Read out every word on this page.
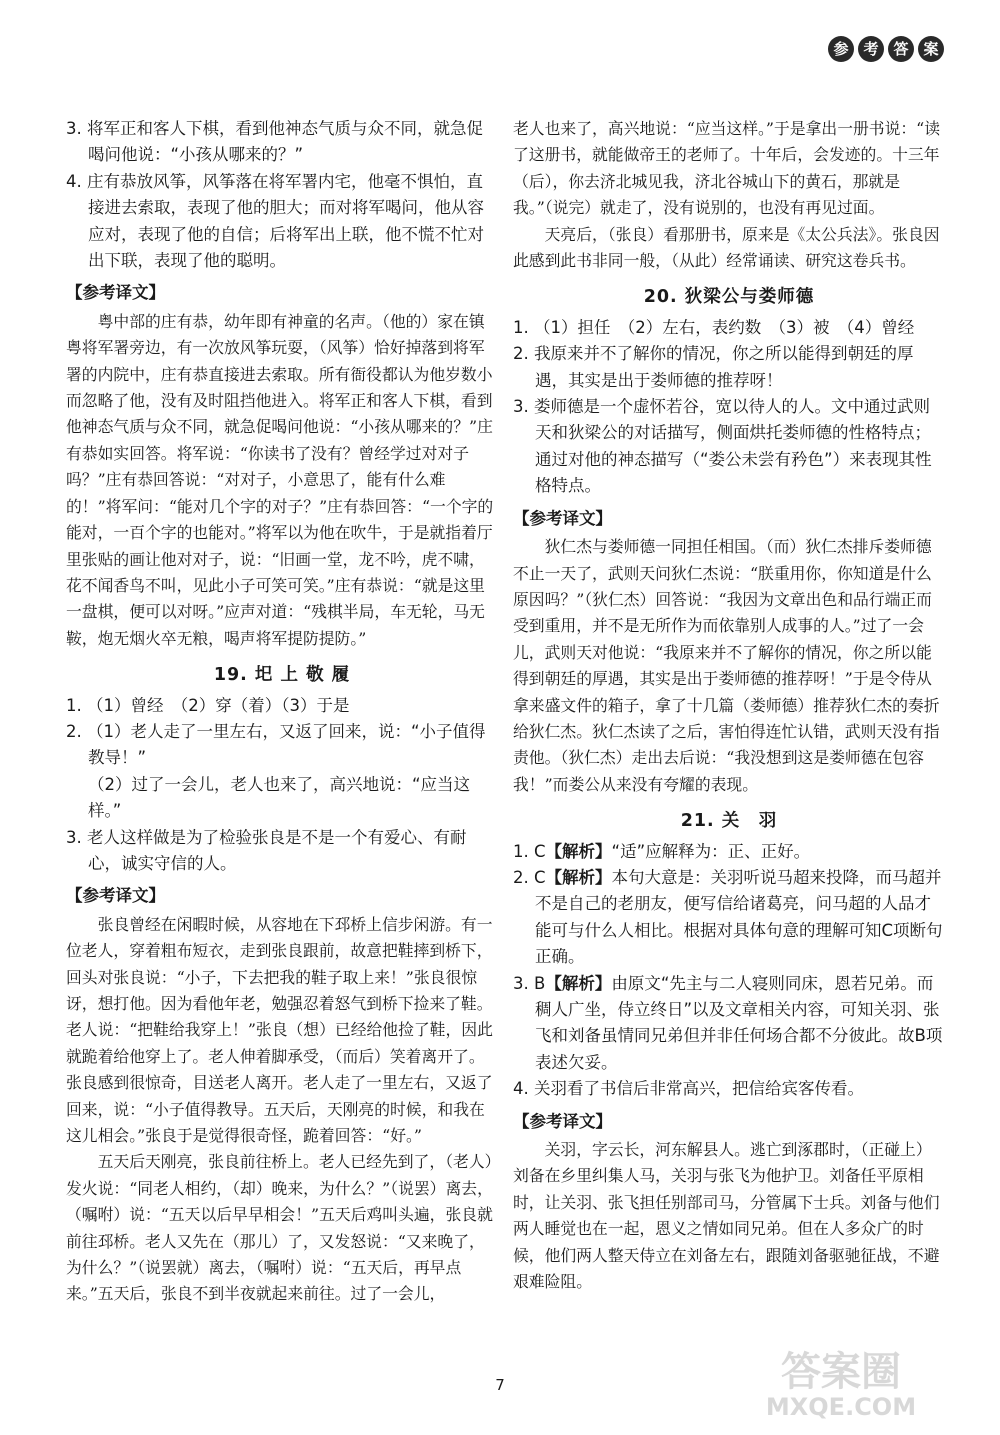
参 考 答 案

3. 将军正和客人下棋，看到他神态气质与众不同，就急促喝问他说：“小孩从哪来的？”

4. 庄有恭放风筝，风筝落在将军署内宅，他毫不惧怕，直接进去索取，表现了他的胆大；而对将军喝问，他从容应对，表现了他的自信；后将军出上联，他不慌不忙对出下联，表现了他的聪明。

【参考译文】

粤中部的庄有恭，幼年即有神童的名声。（他的）家在镇粤将军署旁边，有一次放风筝玩耍，（风筝）恰好掉落到将军署的内院中，庄有恭直接进去索取。所有衙役都认为他岁数小而忽略了他，没有及时阻挡他进入。将军正和客人下棋，看到他神态气质与众不同，就急促喝问他说：“小孩从哪来的？”庄有恭如实回答。将军说：“你读书了没有？曾经学过对对子吗？”庄有恭回答说：“对对子，小意思了，能有什么难的！”将军问：“能对几个字的对子？”庄有恭回答：“一个字的能对，一百个字的也能对。”将军以为他在吹牛，于是就指着厅里张贴的画让他对对子，说：“旧画一堂，龙不吟，虎不啸，花不闻香鸟不叫，见此小子可笑可笑。”庄有恭说：“就是这里一盘棋，便可以对呀。”应声对道：“残棋半局，车无轮，马无鞍，炮无烟火卒无粮，喝声将军提防提防。”

19. 圯 上 敬 履

1. （1）曾经　（2）穿（着）（3）于是

2. （1）老人走了一里左右，又返了回来，说：“小子值得教导！”

（2）过了一会儿，老人也来了，高兴地说：“应当这样。”

3. 老人这样做是为了检验张良是不是一个有爱心、有耐心，诚实守信的人。

【参考译文】

张良曾经在闲暇时候，从容地在下邳桥上信步闲游。有一位老人，穿着粗布短衣，走到张良跟前，故意把鞋摔到桥下，回头对张良说：“小子，下去把我的鞋子取上来！”张良很惊讶，想打他。因为看他年老，勉强忍着怒气到桥下捡来了鞋。老人说：“把鞋给我穿上！”张良（想）已经给他捡了鞋，因此就跪着给他穿上了。老人伸着脚承受，（而后）笑着离开了。张良感到很惊奇，目送老人离开。老人走了一里左右，又返了回来，说：“小子值得教导。五天后，天刚亮的时候，和我在这儿相会。”张良于是觉得很奇怪，跪着回答：“好。”

五天后天刚亮，张良前往桥上。老人已经先到了，（老人）发火说：“同老人相约，（却）晚来，为什么？”（说罢）离去，（嘱咐）说：“五天以后早早相会！”五天后鸡叫头遍，张良就前往邳桥。老人又先在（那儿）了，又发怒说：“又来晚了，为什么？”（说罢就）离去，（嘱咐）说：“五天后，再早点来。”五天后，张良不到半夜就起来前往。过了一会儿，

老人也来了，高兴地说：“应当这样。”于是拿出一册书说：“读了这册书，就能做帝王的老师了。十年后，会发迹的。十三年（后），你去济北城见我，济北谷城山下的黄石，那就是我。”（说完）就走了，没有说别的，也没有再见过面。

天亮后，（张良）看那册书，原来是《太公兵法》。张良因此感到此书非同一般，（从此）经常诵读、研究这卷兵书。

20. 狄梁公与娄师德

1. （1）担任　（2）左右，表约数　（3）被　（4）曾经

2. 我原来并不了解你的情况，你之所以能得到朝廷的厚遇，其实是出于娄师德的推荐呀！

3. 娄师德是一个虚怀若谷，宽以待人的人。文中通过武则天和狄梁公的对话描写，侧面烘托娄师德的性格特点；通过对他的神态描写（“娄公未尝有矜色”）来表现其性格特点。

【参考译文】

狄仁杰与娄师德一同担任相国。（而）狄仁杰排斥娄师德不止一天了，武则天问狄仁杰说：“朕重用你，你知道是什么原因吗？”（狄仁杰）回答说：“我因为文章出色和品行端正而受到重用，并不是无所作为而依靠别人成事的人。”过了一会儿，武则天对他说：“我原来并不了解你的情况，你之所以能得到朝廷的厚遇，其实是出于娄师德的推荐呀！”于是令侍从拿来盛文件的箱子，拿了十几篇（娄师德）推荐狄仁杰的奏折给狄仁杰。狄仁杰读了之后，害怕得连忙认错，武则天没有指责他。（狄仁杰）走出去后说：“我没想到这是娄师德在包容我！”而娄公从来没有夸耀的表现。

21. 关　羽

1. C【解析】“适”应解释为：正、正好。

2. C【解析】本句大意是：关羽听说马超来投降，而马超并不是自己的老朋友，便写信给诸葛亮，问马超的人品才能可与什么人相比。根据对具体句意的理解可知C项断句正确。

3. B【解析】由原文“先主与二人寝则同床，恩若兄弟。而稠人广坐，侍立终日”以及文章相关内容，可知关羽、张飞和刘备虽情同兄弟但并非任何场合都不分彼此。故B项表述欠妥。

4. 关羽看了书信后非常高兴，把信给宾客传看。

【参考译文】

关羽，字云长，河东解县人。逃亡到涿郡时，（正碰上）刘备在乡里纠集人马，关羽与张飞为他护卫。刘备任平原相时，让关羽、张飞担任别部司马，分管属下士兵。刘备与他们两人睡觉也在一起，恩义之情如同兄弟。但在人多众广的时候，他们两人整天侍立在刘备左右，跟随刘备驱驰征战，不避艰难险阻。

7	答案圈
MXQE.COM
